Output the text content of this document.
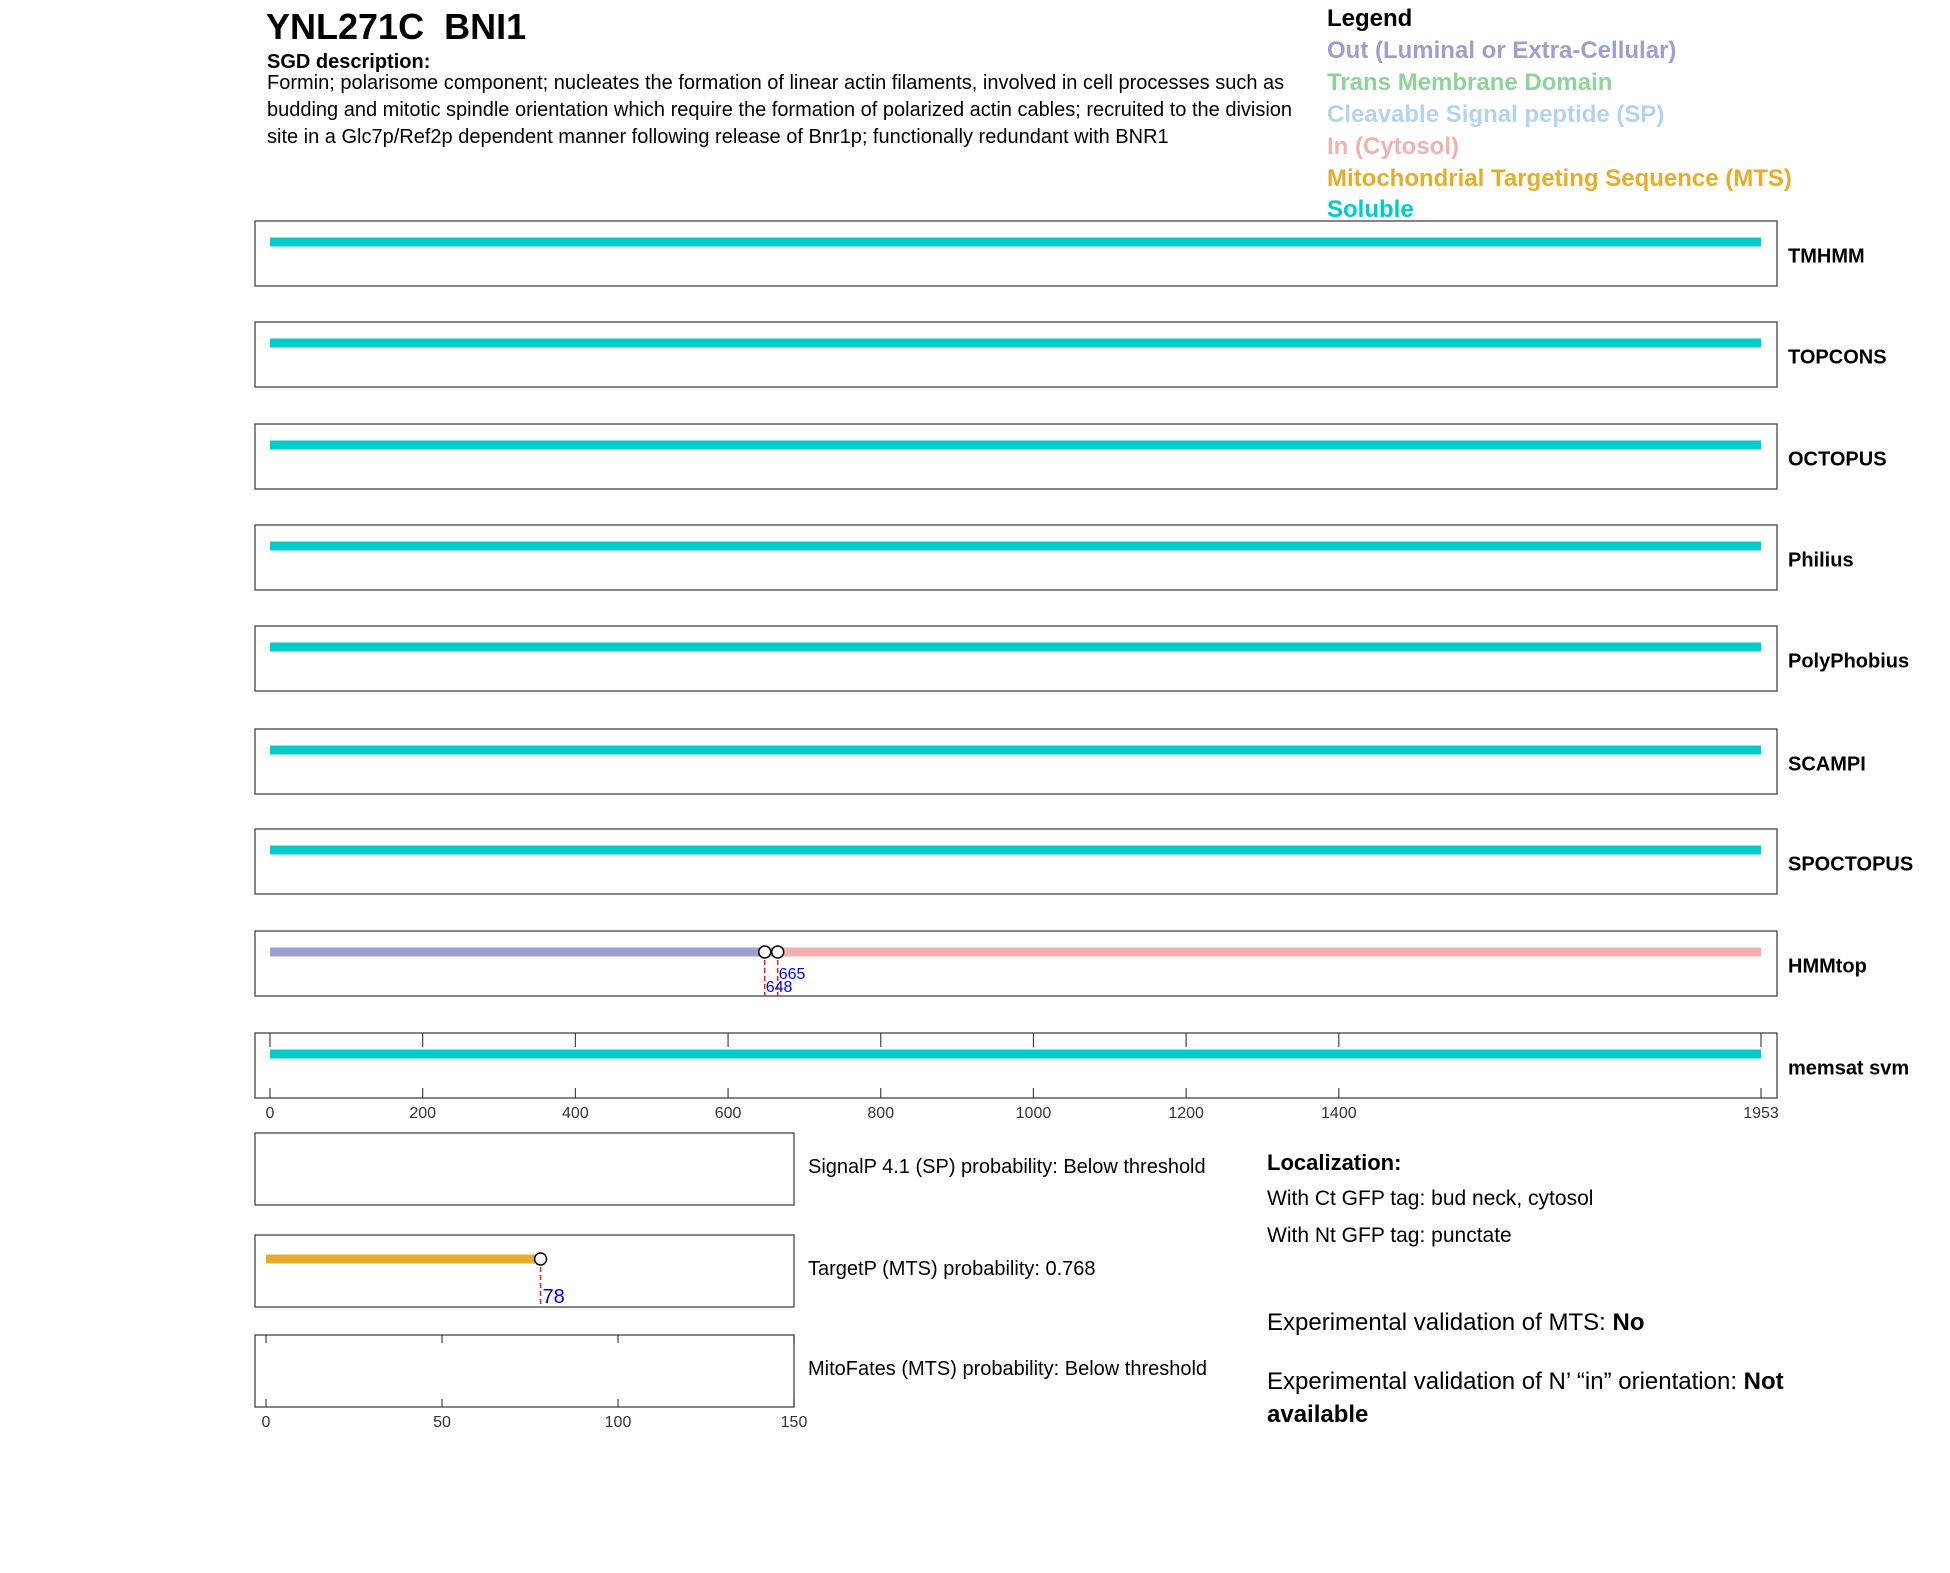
YNL271C BNI1
SGD description:
Formin; polarisome component; nucleates the formation of linear actin filaments, involved in cell processes such as budding and mitotic spindle orientation which require the formation of polarized actin cables; recruited to the division site in a Glc7p/Ref2p dependent manner following release of Bnr1p; functionally redundant with BNR1
Legend
Out (Luminal or Extra-Cellular)
Trans Membrane Domain
Cleavable Signal peptide (SP)
In (Cytosol)
Mitochondrial Targeting Sequence (MTS)
Soluble
TMHMM
TOPCONS
OCTOPUS
Philius
PolyPhobius
SCAMPI
SPOCTOPUS
665
648
HMMtop
memsat svm
0	200	400	600	800	1000	1200	1400	1953
SignalP 4.1 (SP) probability: Below threshold
78
TargetP (MTS) probability: 0.768
MitoFates (MTS) probability: Below threshold
0	50	100	150
Localization:
With Ct GFP tag: bud neck, cytosol
With Nt GFP tag: punctate
Experimental validation of MTS: No
Experimental validation of N’ “in” orientation: Not
available
